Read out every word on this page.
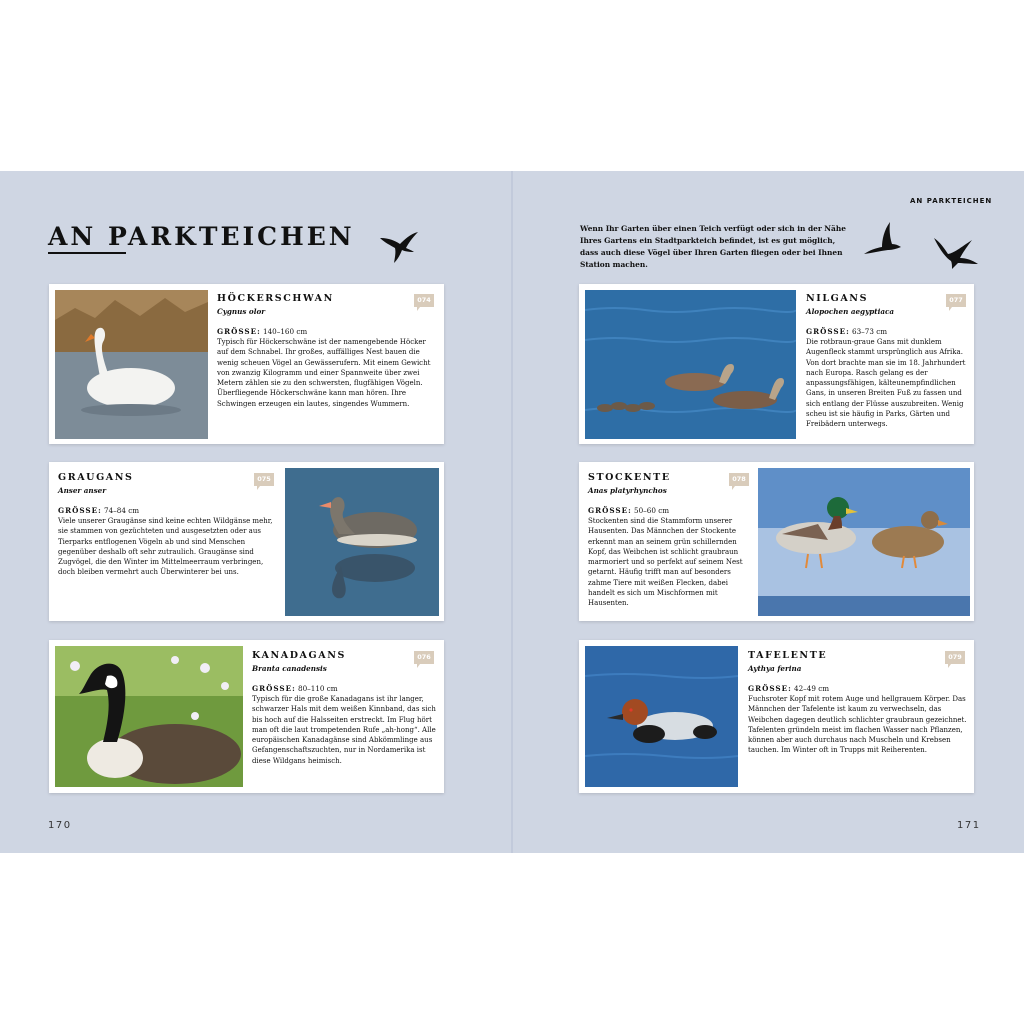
AN PARKTEICHEN
AN PARKTEICHEN
Wenn Ihr Garten über einen Teich verfügt oder sich in der Nähe Ihres Gartens ein Stadtparkteich befindet, ist es gut möglich, dass auch diese Vögel über Ihren Garten fliegen oder bei Ihnen Station machen.

HÖCKERSCHWAN

Cygnus olor

GRÖSSE: 140–160 cm

Typisch für Höckerschwäne ist der namengebende Höcker auf dem Schnabel. Ihr großes, auffälliges Nest bauen die wenig scheuen Vögel an Gewässerufern. Mit einem Gewicht von zwanzig Kilogramm und einer Spannweite über zwei Metern zählen sie zu den schwersten, flugfähigen Vögeln. Überfliegende Höckerschwäne kann man hören. Ihre Schwingen erzeugen ein lautes, singendes Wummern.

074

GRAUGANS

Anser anser

GRÖSSE: 74–84 cm

Viele unserer Graugänse sind keine echten Wildgänse mehr, sie stammen von gezüchteten und ausgesetzten oder aus Tierparks entflogenen Vögeln ab und sind Menschen gegenüber deshalb oft sehr zutraulich. Graugänse sind Zugvögel, die den Winter im Mittelmeerraum verbringen, doch bleiben vermehrt auch Überwinterer bei uns.

075

KANADAGANS

Branta canadensis

GRÖSSE: 80–110 cm

Typisch für die große Kanadagans ist ihr langer, schwarzer Hals mit dem weißen Kinnband, das sich bis hoch auf die Halsseiten erstreckt. Im Flug hört man oft die laut trompetenden Rufe „ah-hong“. Alle europäischen Kanadagänse sind Abkömmlinge aus Gefangenschaftszuchten, nur in Nordamerika ist diese Wildgans heimisch.

076

NILGANS

Alopochen aegyptiaca

GRÖSSE: 63–73 cm

Die rotbraun-graue Gans mit dunklem Augenfleck stammt ursprünglich aus Afrika. Von dort brachte man sie im 18. Jahrhundert nach Europa. Rasch gelang es der anpassungsfähigen, kälteunempfindlichen Gans, in unseren Breiten Fuß zu fassen und sich entlang der Flüsse auszubreiten. Wenig scheu ist sie häufig in Parks, Gärten und Freibädern unterwegs.

077

STOCKENTE

Anas platyrhynchos

GRÖSSE: 50–60 cm

Stockenten sind die Stammform unserer Hausenten. Das Männchen der Stockente erkennt man an seinem grün schillernden Kopf, das Weibchen ist schlicht graubraun marmoriert und so perfekt auf seinem Nest getarnt. Häufig trifft man auf besonders zahme Tiere mit weißen Flecken, dabei handelt es sich um Mischformen mit Hausenten.

078

TAFELENTE

Aythya ferina

GRÖSSE: 42–49 cm

Fuchsroter Kopf mit rotem Auge und hellgrauem Körper. Das Männchen der Tafelente ist kaum zu verwechseln, das Weibchen dagegen deutlich schlichter graubraun gezeichnet. Tafelenten gründeln meist im flachen Wasser nach Pflanzen, können aber auch durchaus nach Muscheln und Krebsen tauchen. Im Winter oft in Trupps mit Reiherenten.

079
170	171
